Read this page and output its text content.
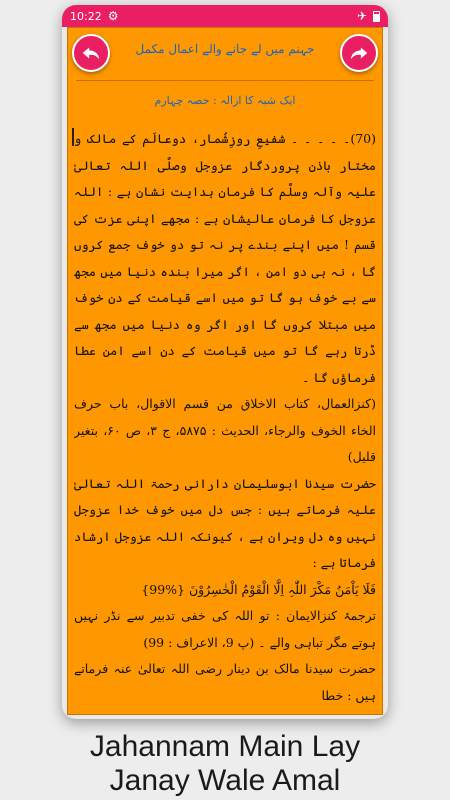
10:22 ⚙	✈
جہنم میں لے جانے والے اعمال مکمل
ایک شبہ کا ازالہ : حصہ چہارم

(70)۔ ۔ ۔ ۔ ۔ شفیعِ روزِشُمار، دوعالَم کے مالک و مختار باذنِ پروردگار عزوجل وصلَّی اللہ تعالیٰ علیہ وآلہ وسلَّم کا فرمانِ ہدایت نشان ہے : اللہ عزوجل کا فرمانِ عالیشان ہے : مجھے اپنی عزت کی قسم ! میں اپنے بندے پر نہ تو دو خوف جمع کروں گا ، نہ ہی دو امن ، اگر میرا بندہ دنیا میں مجھ سے بے خوف ہو گا تو میں اسے قیامت کے دن خوف میں مبتلا کروں گا اور اگر وہ دنیا میں مجھ سے ڈرتا رہے گا تو میں قیامت کے دن اسے امن عطا فرماؤں گا ۔

(کنزالعمال، کتاب الاخلاق من قسم الاقوال، باب حرف الخاء الخوف والرجاء، الحدیث : ۵۸۷۵، ج ۳، ص ۶۰، بتغیر قلیل)

حضرت سیدنا ابوسلیمان دارانی رحمۃ اللہ تعالیٰ علیہ فرماتے ہیں : جس دل میں خوف خدا عزوجل نہیں وہ دل ویران ہے ، کیونکہ اللہ عزوجل ارشاد فرماتا ہے :

فَلَا یَاْمَنُ مَکْرَ اللّٰہِ اِلَّا الْقَوْمُ الْخٰسِرُوْنَ {%99}

ترجمۂ کنزالایمان : تو اللہ کی خفی تدبیر سے نڈر نہیں ہوتے مگر تباہی والے ۔ (پ 9، الاعراف : 99)

حضرت سیدنا مالک بن دینار رضی اللہ تعالیٰ عنہ فرماتے ہیں : خطا

Jahannam Main Lay
Janay Wale Amal
